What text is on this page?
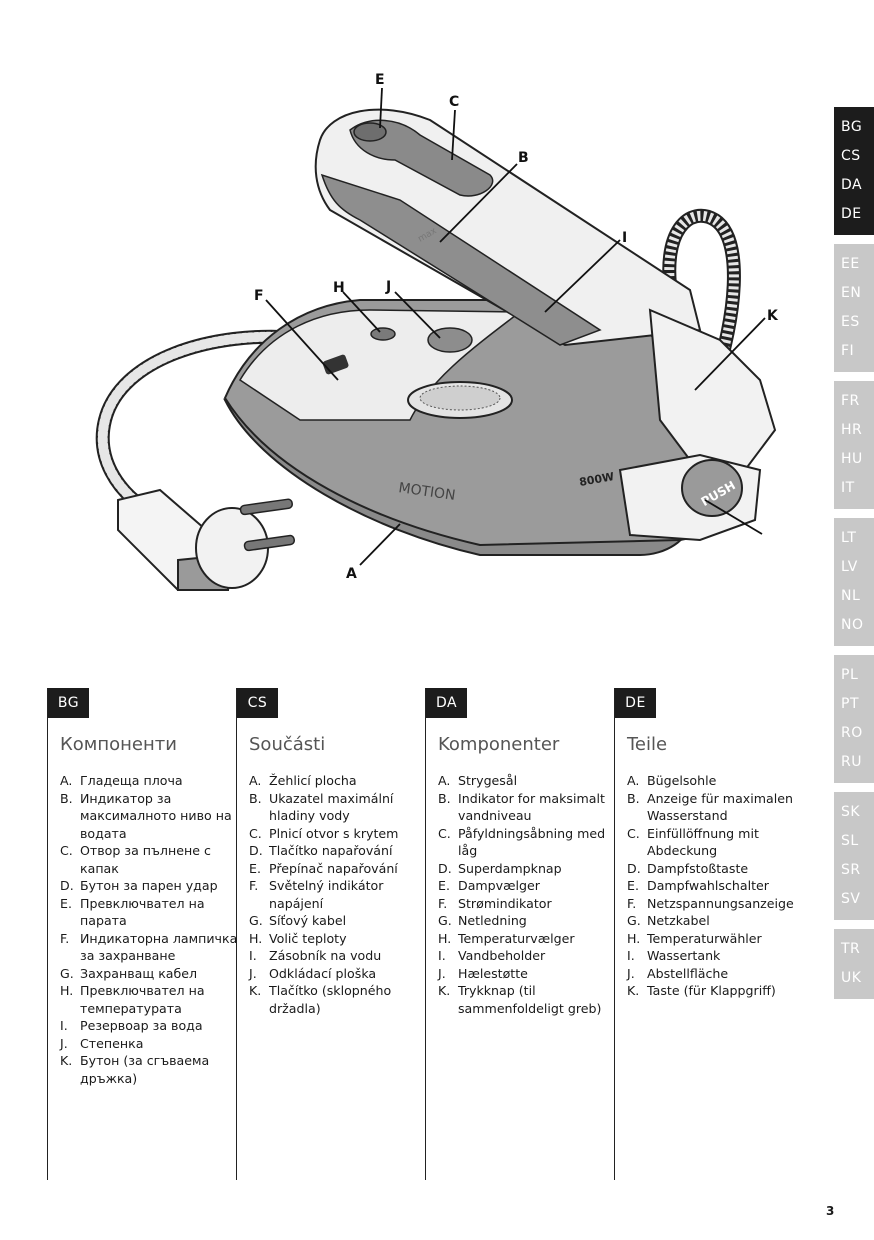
MOTION
800W
max
PUSH
E
C
B
I
F	H	J
K
A
BG
CS
DA
DE
EE
EN
ES
FI
FR
HR
HU
IT
LT
LV
NL
NO
PL
PT
RO
RU
SK
SL
SR
SV
TR
UK
BG
Компоненти
A. Гладеща плоча
B. Индикатор за максималното ниво на водата
C. Отвор за пълнене с капак
D. Бутон за парен удар
E. Превключвател на парата
F. Индикаторна лампичка за захранване
G. Захранващ кабел
H. Превключвател на температурата
I. Резервоар за вода
J. Степенка
K. Бутон (за сгъваема дръжка)
CS
Součásti
A. Žehlicí plocha
B. Ukazatel maximální hladiny vody
C. Plnicí otvor s krytem
D. Tlačítko napařování
E. Přepínač napařování
F. Světelný indikátor napájení
G. Síťový kabel
H. Volič teploty
I. Zásobník na vodu
J. Odkládací ploška
K. Tlačítko (sklopného držadla)
DA
Komponenter
A. Strygesål
B. Indikator for maksimalt vandniveau
C. Påfyldningsåbning med låg
D. Superdampknap
E. Dampvælger
F. Strømindikator
G. Netledning
H. Temperaturvælger
I. Vandbeholder
J. Hælestøtte
K. Trykknap (til sammenfoldeligt greb)
DE
Teile
A. Bügelsohle
B. Anzeige für maximalen Wasserstand
C. Einfüllöffnung mit Abdeckung
D. Dampfstoßtaste
E. Dampfwahlschalter
F. Netzspannungsanzeige
G. Netzkabel
H. Temperaturwähler
I. Wassertank
J. Abstellfläche
K. Taste (für Klappgriff)
3
